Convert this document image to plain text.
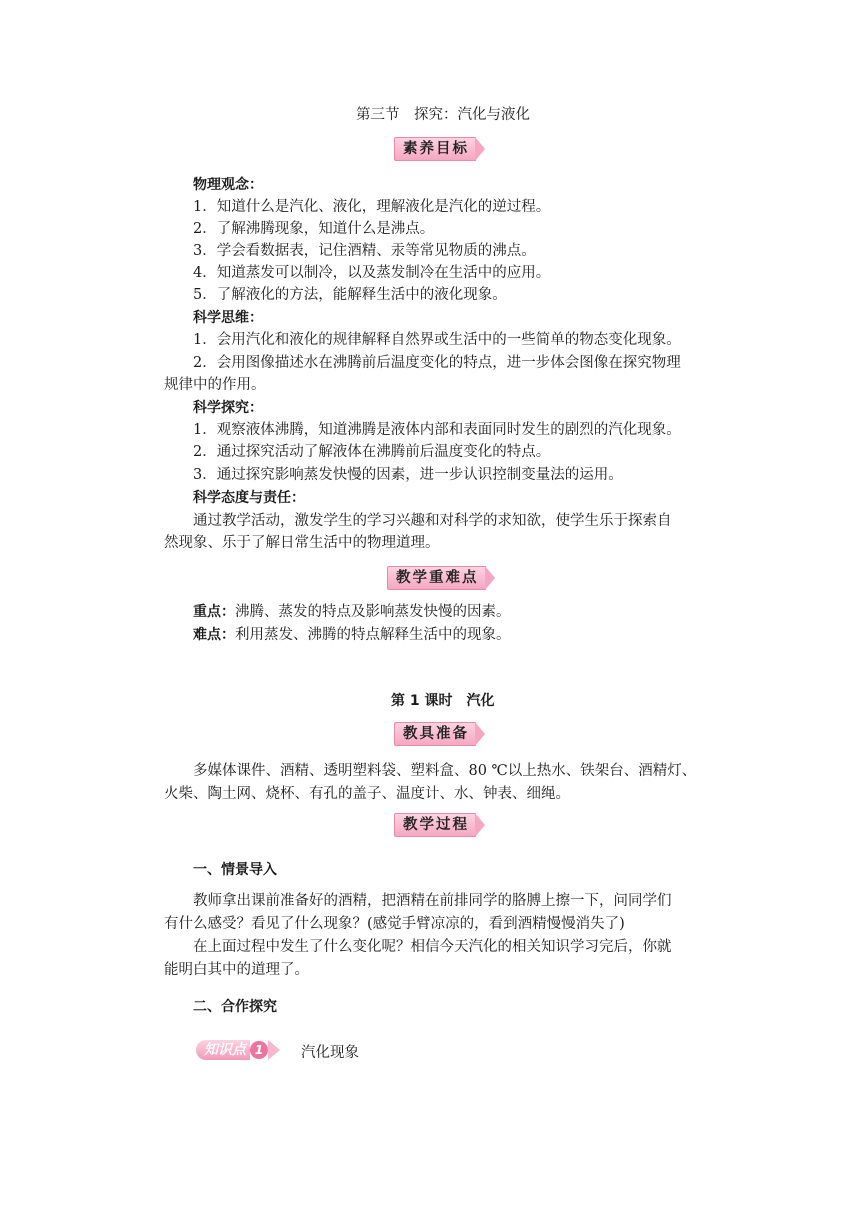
第三节　探究：汽化与液化
素养目标
物理观念：
1．知道什么是汽化、液化，理解液化是汽化的逆过程。
2．了解沸腾现象，知道什么是沸点。
3．学会看数据表，记住酒精、汞等常见物质的沸点。
4．知道蒸发可以制冷，以及蒸发制冷在生活中的应用。
5．了解液化的方法，能解释生活中的液化现象。
科学思维：
1．会用汽化和液化的规律解释自然界或生活中的一些简单的物态变化现象。
2．会用图像描述水在沸腾前后温度变化的特点，进一步体会图像在探究物理
规律中的作用。
科学探究：
1．观察液体沸腾，知道沸腾是液体内部和表面同时发生的剧烈的汽化现象。
2．通过探究活动了解液体在沸腾前后温度变化的特点。
3．通过探究影响蒸发快慢的因素，进一步认识控制变量法的运用。
科学态度与责任：
通过教学活动，激发学生的学习兴趣和对科学的求知欲，使学生乐于探索自
然现象、乐于了解日常生活中的物理道理。
教学重难点
重点：沸腾、蒸发的特点及影响蒸发快慢的因素。
难点：利用蒸发、沸腾的特点解释生活中的现象。
第 1 课时　汽化
教具准备
多媒体课件、酒精、透明塑料袋、塑料盒、80 ℃以上热水、铁架台、酒精灯、
火柴、陶土网、烧杯、有孔的盖子、温度计、水、钟表、细绳。
教学过程
一、情景导入
教师拿出课前准备好的酒精，把酒精在前排同学的胳膊上擦一下，问同学们
有什么感受？看见了什么现象？(感觉手臂凉凉的，看到酒精慢慢消失了)
在上面过程中发生了什么变化呢？相信今天汽化的相关知识学习完后，你就
能明白其中的道理了。
二、合作探究
知识点 1	汽化现象
